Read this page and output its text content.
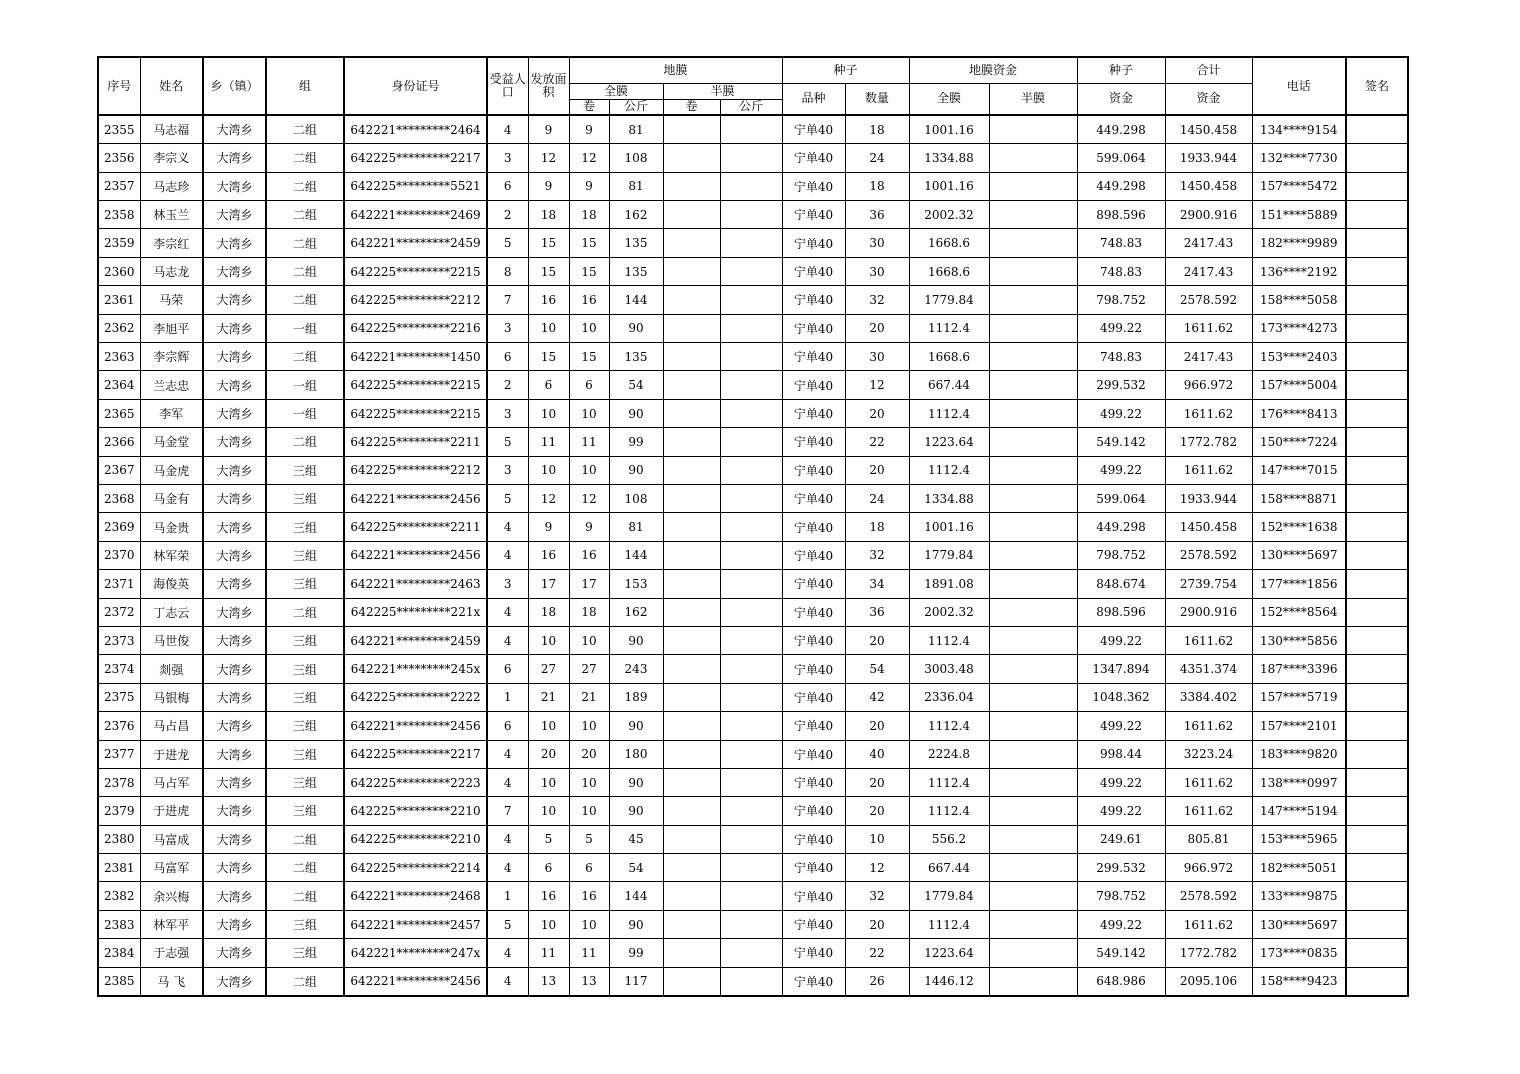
序号	姓名	乡（镇）	组	身份证号	受益人口	发放面积	地膜				种子		地膜资金		种子	合计	电话	签名
							全膜		半膜		品种	数量	全膜	半膜	资金	资金		
							卷	公斤	卷	公斤								
2355	马志福	大湾乡	二组	642221*********2464	4	9	9	81			宁单40	18	1001.16		449.298	1450.458	134****9154	
2356	李宗义	大湾乡	二组	642225*********2217	3	12	12	108			宁单40	24	1334.88		599.064	1933.944	132****7730	
2357	马志珍	大湾乡	二组	642225*********5521	6	9	9	81			宁单40	18	1001.16		449.298	1450.458	157****5472	
2358	林玉兰	大湾乡	二组	642221*********2469	2	18	18	162			宁单40	36	2002.32		898.596	2900.916	151****5889	
2359	李宗红	大湾乡	二组	642221*********2459	5	15	15	135			宁单40	30	1668.6		748.83	2417.43	182****9989	
2360	马志龙	大湾乡	二组	642225*********2215	8	15	15	135			宁单40	30	1668.6		748.83	2417.43	136****2192	
2361	马荣	大湾乡	二组	642225*********2212	7	16	16	144			宁单40	32	1779.84		798.752	2578.592	158****5058	
2362	李旭平	大湾乡	一组	642225*********2216	3	10	10	90			宁单40	20	1112.4		499.22	1611.62	173****4273	
2363	李宗辉	大湾乡	二组	642221*********1450	6	15	15	135			宁单40	30	1668.6		748.83	2417.43	153****2403	
2364	兰志忠	大湾乡	一组	642225*********2215	2	6	6	54			宁单40	12	667.44		299.532	966.972	157****5004	
2365	李军	大湾乡	一组	642225*********2215	3	10	10	90			宁单40	20	1112.4		499.22	1611.62	176****8413	
2366	马金堂	大湾乡	二组	642225*********2211	5	11	11	99			宁单40	22	1223.64		549.142	1772.782	150****7224	
2367	马金虎	大湾乡	三组	642225*********2212	3	10	10	90			宁单40	20	1112.4		499.22	1611.62	147****7015	
2368	马金有	大湾乡	三组	642221*********2456	5	12	12	108			宁单40	24	1334.88		599.064	1933.944	158****8871	
2369	马金贵	大湾乡	三组	642225*********2211	4	9	9	81			宁单40	18	1001.16		449.298	1450.458	152****1638	
2370	林军荣	大湾乡	三组	642221*********2456	4	16	16	144			宁单40	32	1779.84		798.752	2578.592	130****5697	
2371	海俊英	大湾乡	三组	642221*********2463	3	17	17	153			宁单40	34	1891.08		848.674	2739.754	177****1856	
2372	丁志云	大湾乡	二组	642225*********221x	4	18	18	162			宁单40	36	2002.32		898.596	2900.916	152****8564	
2373	马世俊	大湾乡	三组	642221*********2459	4	10	10	90			宁单40	20	1112.4		499.22	1611.62	130****5856	
2374	剡强	大湾乡	三组	642221*********245x	6	27	27	243			宁单40	54	3003.48		1347.894	4351.374	187****3396	
2375	马银梅	大湾乡	三组	642225*********2222	1	21	21	189			宁单40	42	2336.04		1048.362	3384.402	157****5719	
2376	马占昌	大湾乡	三组	642221*********2456	6	10	10	90			宁单40	20	1112.4		499.22	1611.62	157****2101	
2377	于进龙	大湾乡	三组	642225*********2217	4	20	20	180			宁单40	40	2224.8		998.44	3223.24	183****9820	
2378	马占军	大湾乡	三组	642225*********2223	4	10	10	90			宁单40	20	1112.4		499.22	1611.62	138****0997	
2379	于进虎	大湾乡	三组	642225*********2210	7	10	10	90			宁单40	20	1112.4		499.22	1611.62	147****5194	
2380	马富成	大湾乡	二组	642225*********2210	4	5	5	45			宁单40	10	556.2		249.61	805.81	153****5965	
2381	马富军	大湾乡	二组	642225*********2214	4	6	6	54			宁单40	12	667.44		299.532	966.972	182****5051	
2382	余兴梅	大湾乡	二组	642221*********2468	1	16	16	144			宁单40	32	1779.84		798.752	2578.592	133****9875	
2383	林军平	大湾乡	三组	642221*********2457	5	10	10	90			宁单40	20	1112.4		499.22	1611.62	130****5697	
2384	于志强	大湾乡	三组	642221*********247x	4	11	11	99			宁单40	22	1223.64		549.142	1772.782	173****0835	
2385	马 飞	大湾乡	二组	642221*********2456	4	13	13	117			宁单40	26	1446.12		648.986	2095.106	158****9423	
